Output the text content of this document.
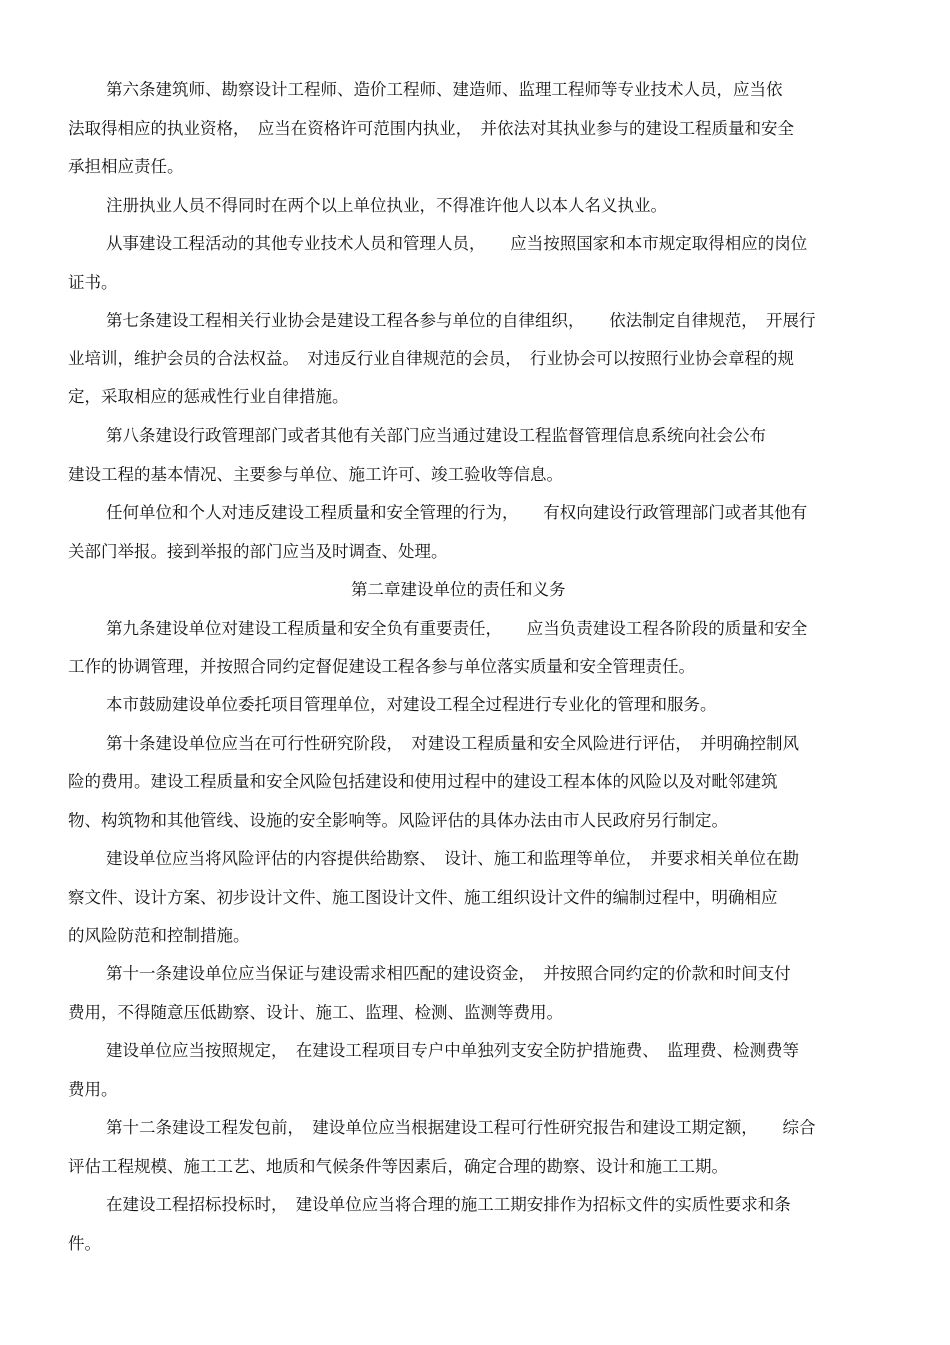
第六条建筑师、勘察设计工程师、造价工程师、建造师、监理工程师等专业技术人员，应当依
法取得相应的执业资格，　应当在资格许可范围内执业，　并依法对其执业参与的建设工程质量和安全
承担相应责任。
注册执业人员不得同时在两个以上单位执业，不得准许他人以本人名义执业。
从事建设工程活动的其他专业技术人员和管理人员，　　应当按照国家和本市规定取得相应的岗位
证书。
第七条建设工程相关行业协会是建设工程各参与单位的自律组织，　　依法制定自律规范，　开展行
业培训，维护会员的合法权益。　对违反行业自律规范的会员，　行业协会可以按照行业协会章程的规
定，采取相应的惩戒性行业自律措施。
第八条建设行政管理部门或者其他有关部门应当通过建设工程监督管理信息系统向社会公布
建设工程的基本情况、主要参与单位、施工许可、竣工验收等信息。
任何单位和个人对违反建设工程质量和安全管理的行为，　　有权向建设行政管理部门或者其他有
关部门举报。接到举报的部门应当及时调查、处理。
第二章建设单位的责任和义务
第九条建设单位对建设工程质量和安全负有重要责任，　　应当负责建设工程各阶段的质量和安全
工作的协调管理，并按照合同约定督促建设工程各参与单位落实质量和安全管理责任。
本市鼓励建设单位委托项目管理单位，对建设工程全过程进行专业化的管理和服务。
第十条建设单位应当在可行性研究阶段，　对建设工程质量和安全风险进行评估，　并明确控制风
险的费用。建设工程质量和安全风险包括建设和使用过程中的建设工程本体的风险以及对毗邻建筑
物、构筑物和其他管线、设施的安全影响等。风险评估的具体办法由市人民政府另行制定。
建设单位应当将风险评估的内容提供给勘察、　设计、施工和监理等单位，　并要求相关单位在勘
察文件、设计方案、初步设计文件、施工图设计文件、施工组织设计文件的编制过程中，明确相应
的风险防范和控制措施。
第十一条建设单位应当保证与建设需求相匹配的建设资金，　并按照合同约定的价款和时间支付
费用，不得随意压低勘察、设计、施工、监理、检测、监测等费用。
建设单位应当按照规定，　在建设工程项目专户中单独列支安全防护措施费、　监理费、检测费等
费用。
第十二条建设工程发包前，　建设单位应当根据建设工程可行性研究报告和建设工期定额，　　综合
评估工程规模、施工工艺、地质和气候条件等因素后，确定合理的勘察、设计和施工工期。
在建设工程招标投标时，　建设单位应当将合理的施工工期安排作为招标文件的实质性要求和条
件。
